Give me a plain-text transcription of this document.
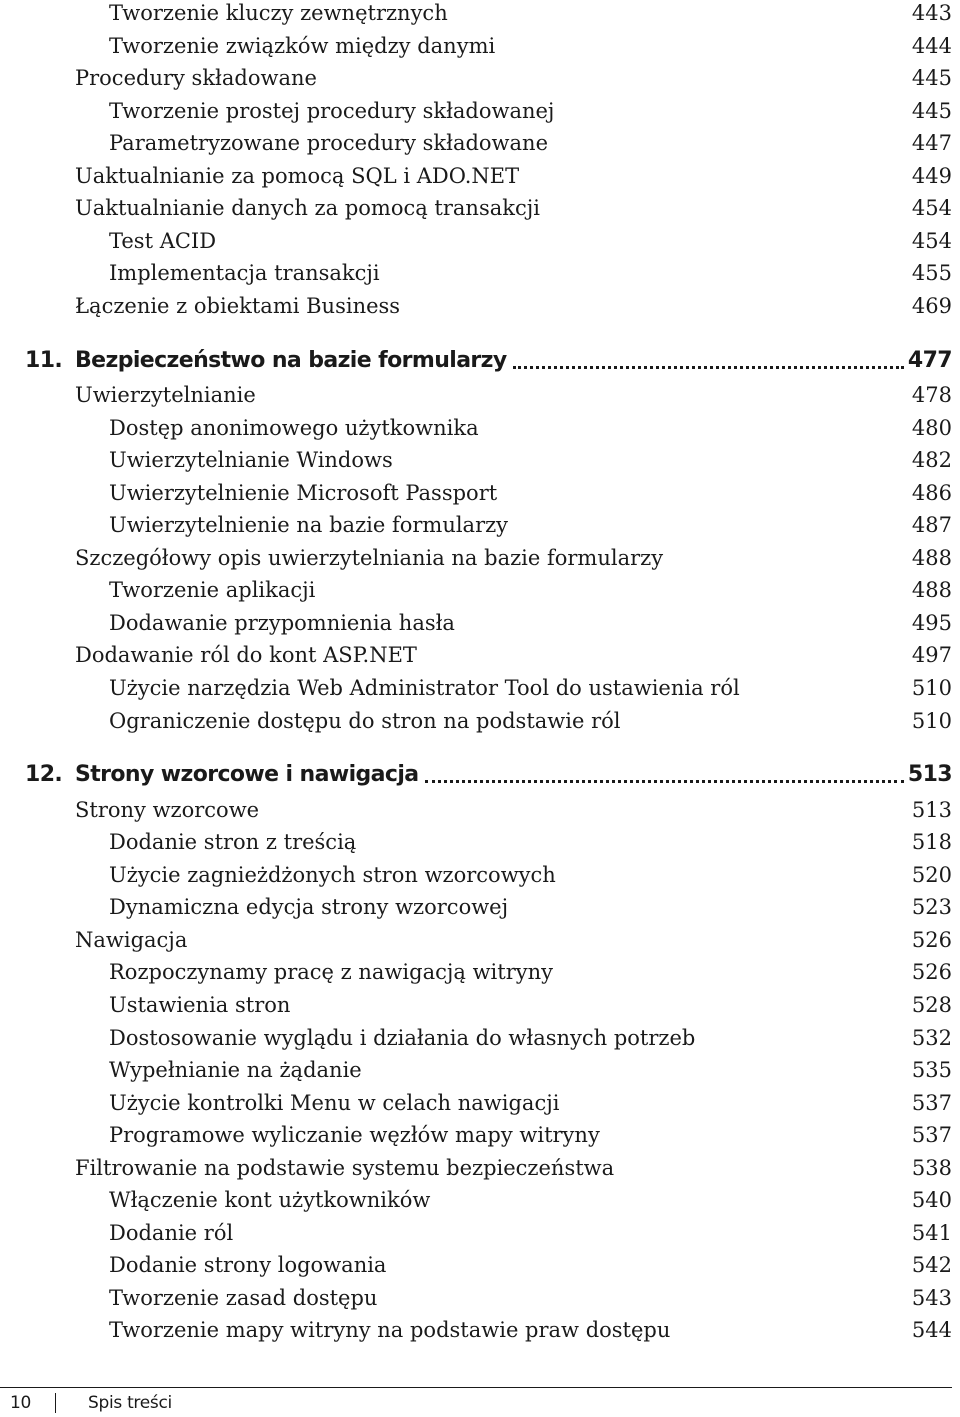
Tworzenie kluczy zewnętrznych	443
Tworzenie związków między danymi	444
Procedury składowane	445
Tworzenie prostej procedury składowanej	445
Parametryzowane procedury składowane	447
Uaktualnianie za pomocą SQL i ADO.NET	449
Uaktualnianie danych za pomocą transakcji	454
Test ACID	454
Implementacja transakcji	455
Łączenie z obiektami Business	469
11. Bezpieczeństwo na bazie formularzy	477
Uwierzytelnianie	478
Dostęp anonimowego użytkownika	480
Uwierzytelnianie Windows	482
Uwierzytelnienie Microsoft Passport	486
Uwierzytelnienie na bazie formularzy	487
Szczegółowy opis uwierzytelniania na bazie formularzy	488
Tworzenie aplikacji	488
Dodawanie przypomnienia hasła	495
Dodawanie ról do kont ASP.NET	497
Użycie narzędzia Web Administrator Tool do ustawienia ról	510
Ograniczenie dostępu do stron na podstawie ról	510
12. Strony wzorcowe i nawigacja	513
Strony wzorcowe	513
Dodanie stron z treścią	518
Użycie zagnieżdżonych stron wzorcowych	520
Dynamiczna edycja strony wzorcowej	523
Nawigacja	526
Rozpoczynamy pracę z nawigacją witryny	526
Ustawienia stron	528
Dostosowanie wyglądu i działania do własnych potrzeb	532
Wypełnianie na żądanie	535
Użycie kontrolki Menu w celach nawigacji	537
Programowe wyliczanie węzłów mapy witryny	537
Filtrowanie na podstawie systemu bezpieczeństwa	538
Włączenie kont użytkowników	540
Dodanie ról	541
Dodanie strony logowania	542
Tworzenie zasad dostępu	543
Tworzenie mapy witryny na podstawie praw dostępu	544
10	Spis treści
